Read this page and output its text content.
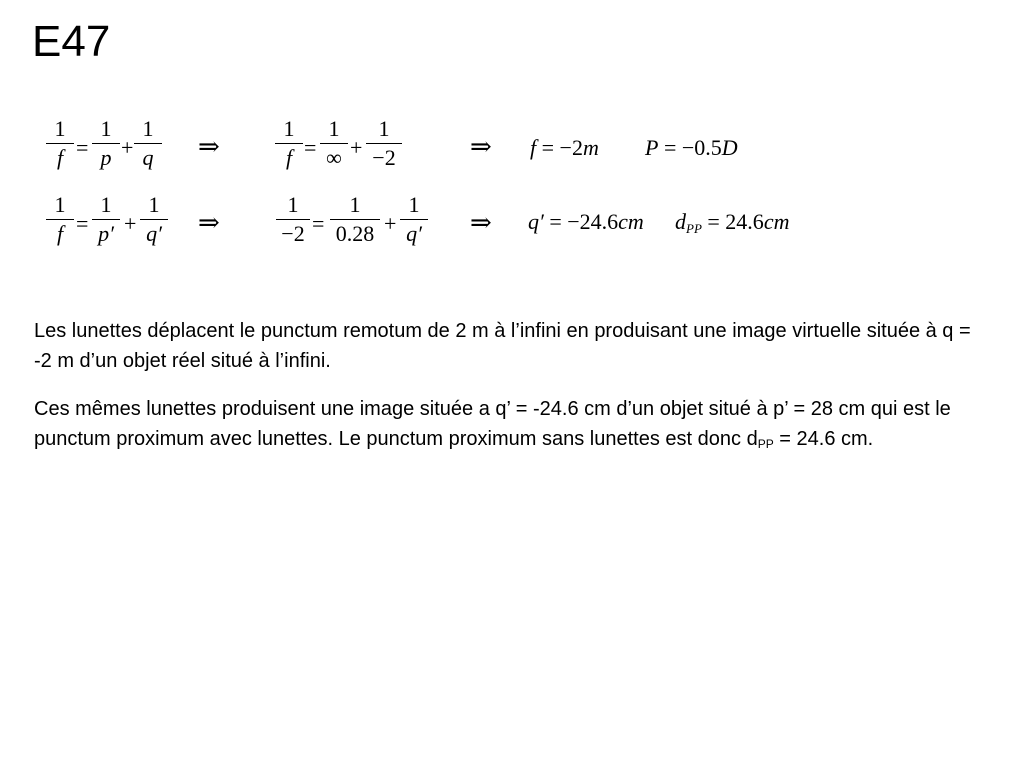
E47
1
f =
1
p +
1
q	⇒
1
f =
1
∞ +
1
−2	⇒ f = −2m P = −0.5D
1
f =
1
p′ +
1
q′ ⇒
1
−2 =
1
0.28 +
1
q′ ⇒ q′ = −24.6cm $d_{PP} = 24.6cm$

Les lunettes déplacent le punctum remotum de 2 m à l’infini en produisant une image virtuelle située à q = -2 m d’un objet réel situé à l’infini.

Ces mêmes lunettes produisent une image située a q’ = -24.6 cm d’un objet situé à p’ = 28 cm qui est le punctum proximum avec lunettes. Le punctum proximum sans lunettes est donc $d_{PP} = 24.6$ cm.
